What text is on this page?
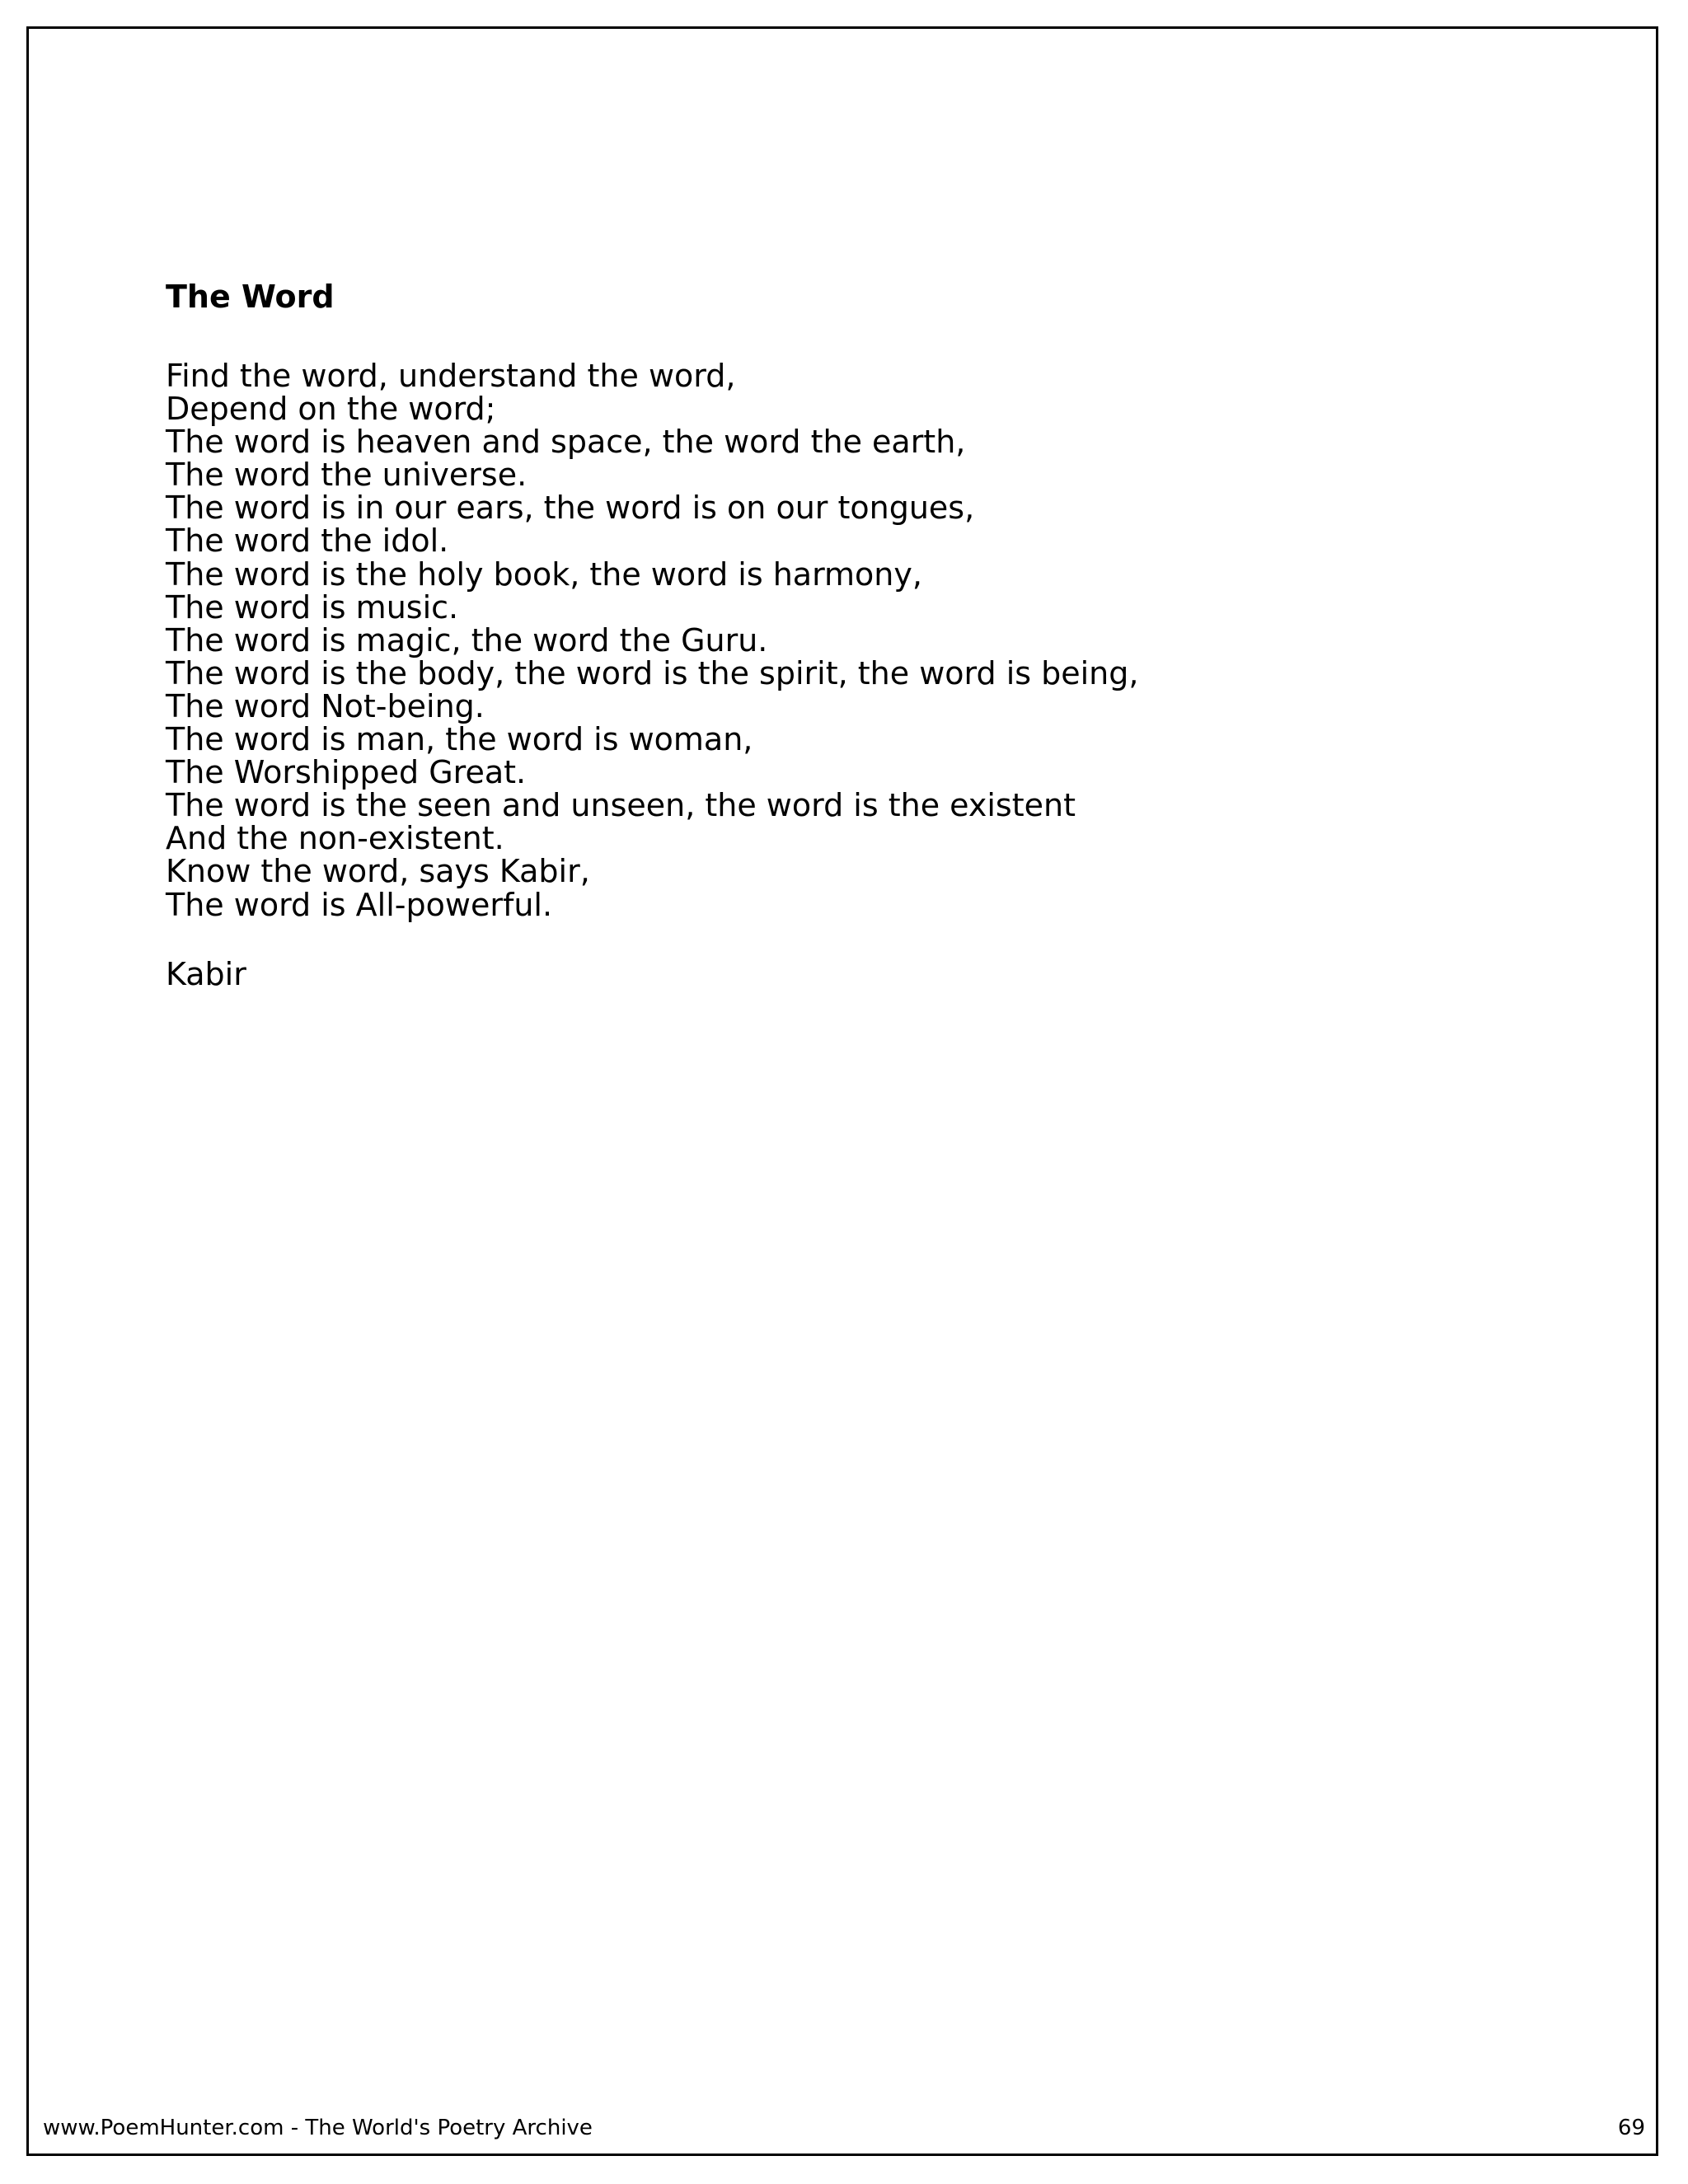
The Word
Find the word, understand the word,
Depend on the word;
The word is heaven and space, the word the earth,
The word the universe.
The word is in our ears, the word is on our tongues,
The word the idol.
The word is the holy book, the word is harmony,
The word is music.
The word is magic, the word the Guru.
The word is the body, the word is the spirit, the word is being,
The word Not-being.
The word is man, the word is woman,
The Worshipped Great.
The word is the seen and unseen, the word is the existent
And the non-existent.
Know the word, says Kabir,
The word is All-powerful.

Kabir

www.PoemHunter.com - The World's Poetry Archive	69
